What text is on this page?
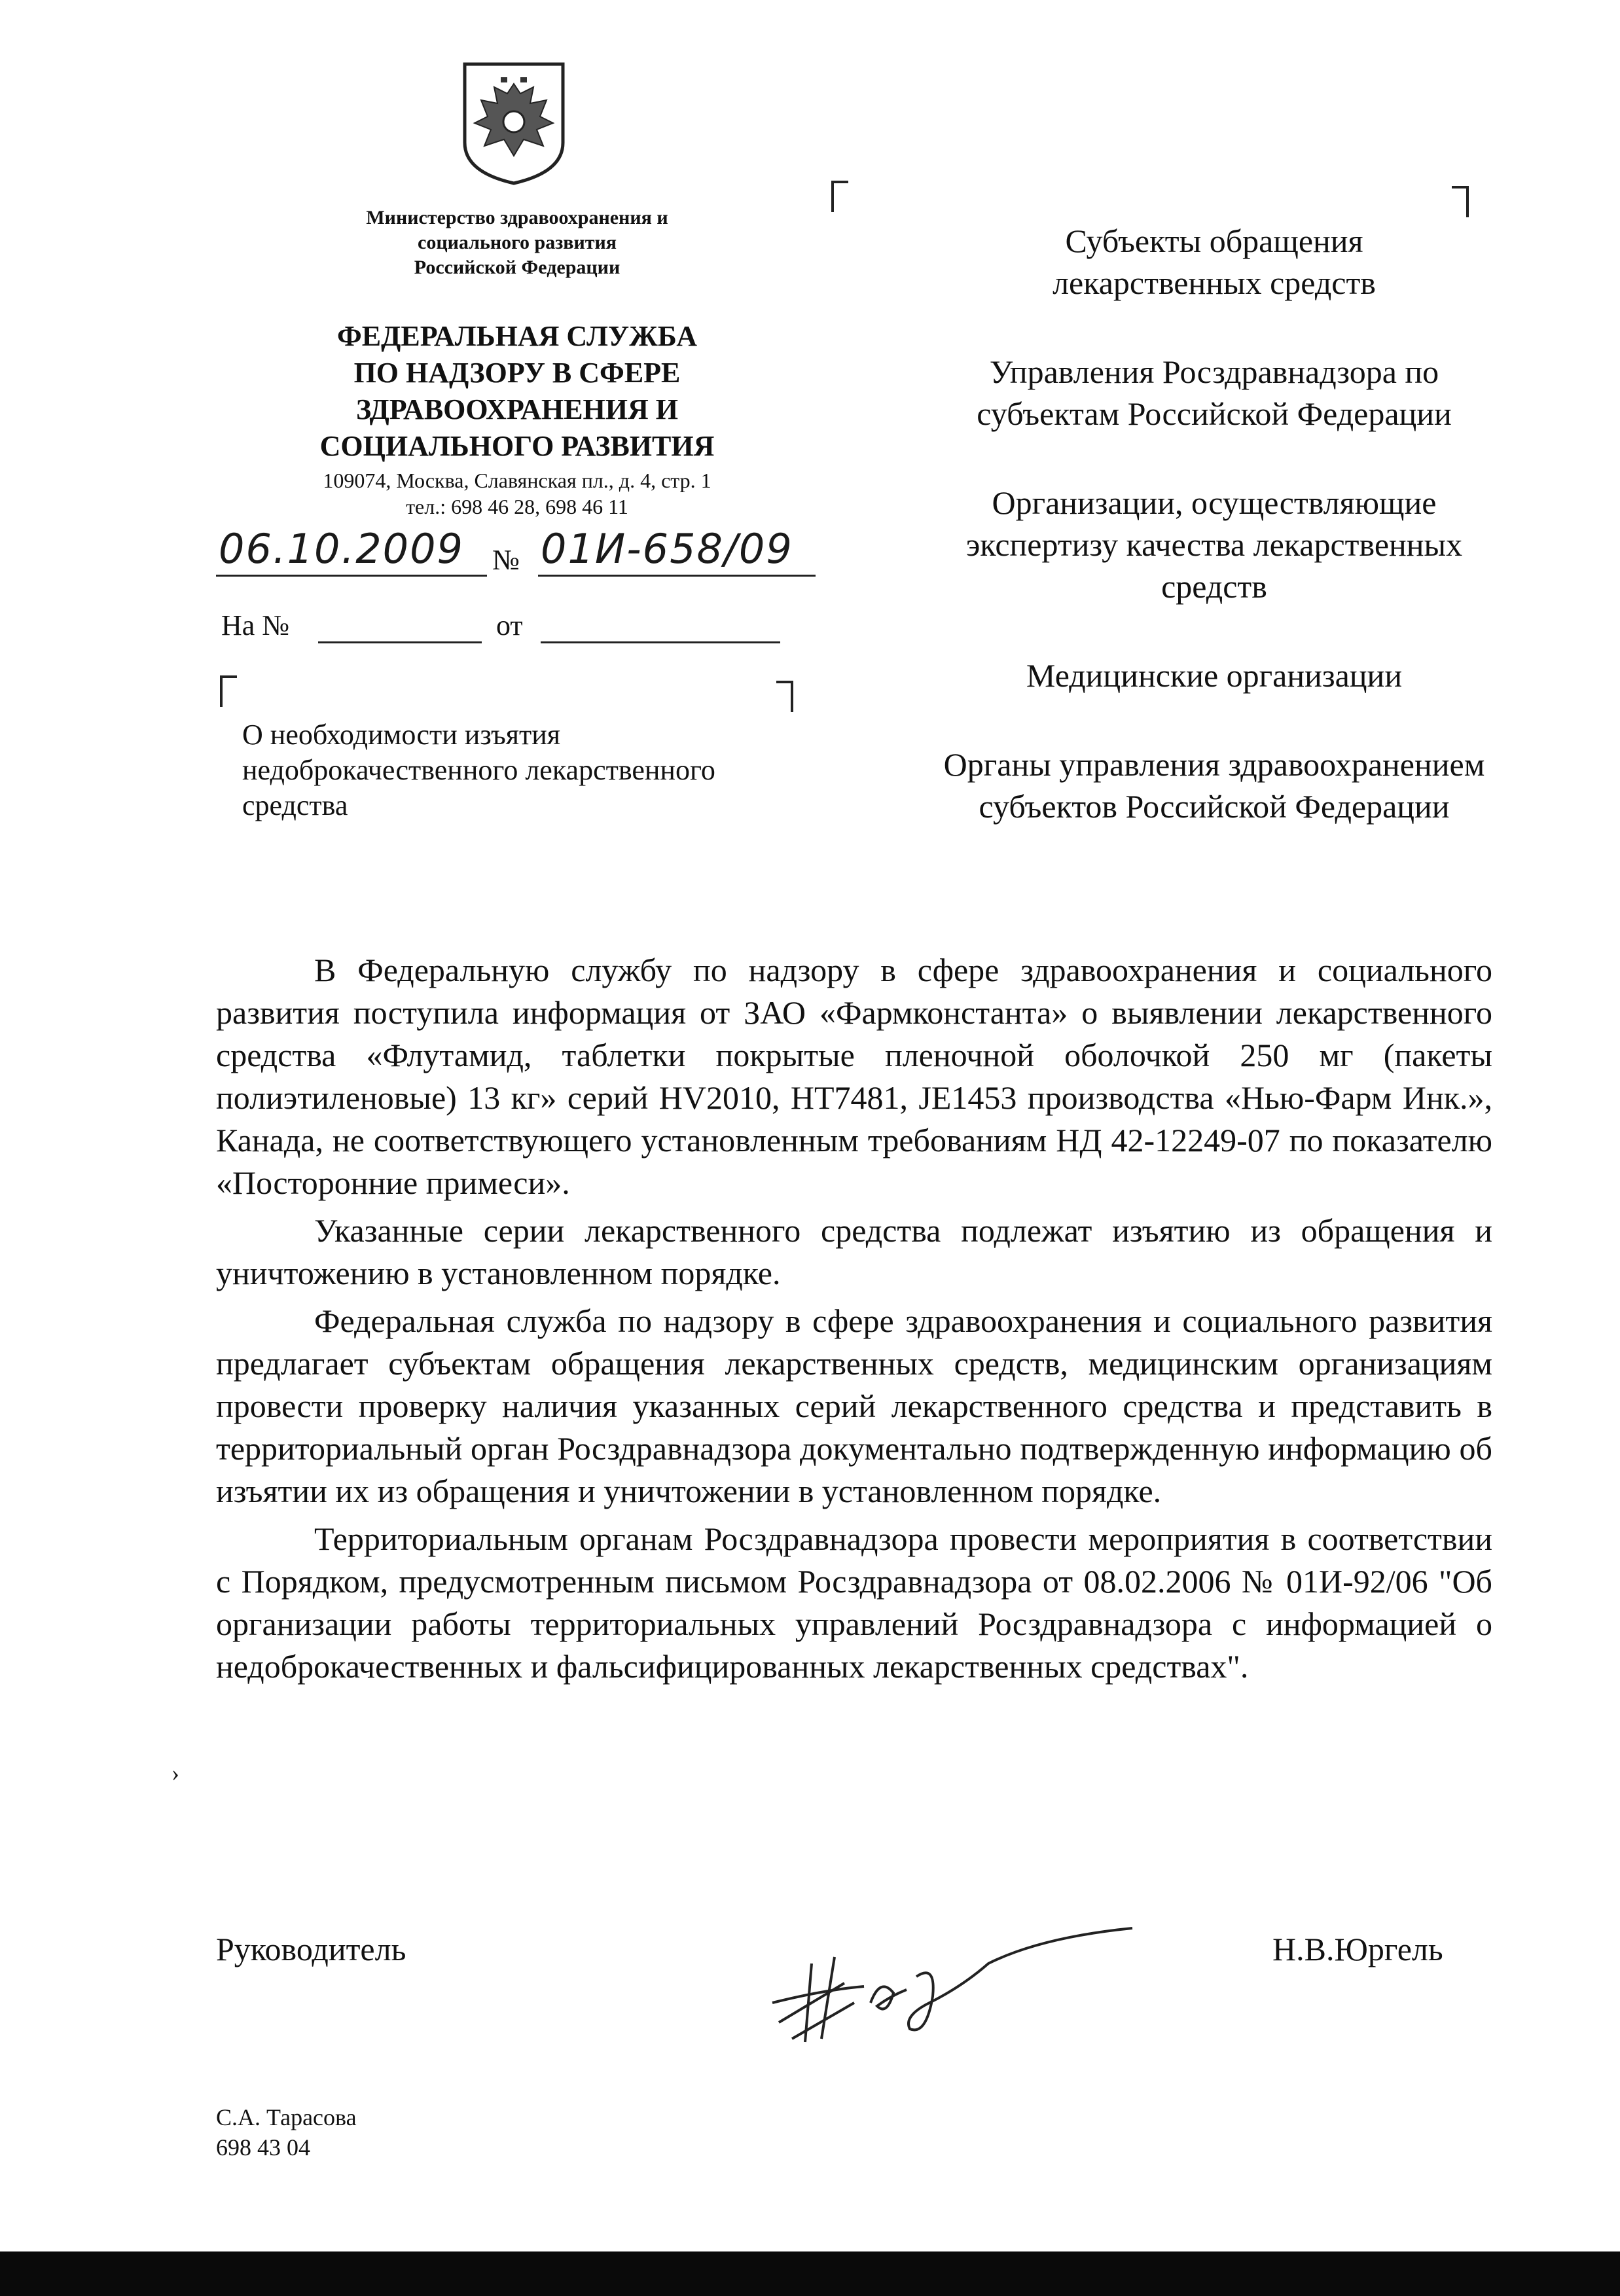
Министерство здравоохранения и
социального развития
Российской Федерации
ФЕДЕРАЛЬНАЯ СЛУЖБА
ПО НАДЗОРУ В СФЕРЕ
ЗДРАВООХРАНЕНИЯ И
СОЦИАЛЬНОГО РАЗВИТИЯ
109074, Москва, Славянская пл., д. 4, стр. 1
тел.: 698 46 28, 698 46 11
06.10.2009 № 01И-658/09
На №	от
О необходимости изъятия
недоброкачественного лекарственного
средства
Субъекты обращения
лекарственных средств
Управления Росздравнадзора по
субъектам Российской Федерации
Организации, осуществляющие
экспертизу качества лекарственных
средств
Медицинские организации
Органы управления здравоохранением
субъектов Российской Федерации

В Федеральную службу по надзору в сфере здравоохранения и социального развития поступила информация от ЗАО «Фармконстанта» о выявлении лекарственного средства «Флутамид, таблетки покрытые пленочной оболочкой 250 мг (пакеты полиэтиленовые) 13 кг» серий HV2010, HT7481, JE1453 производства «Нью-Фарм Инк.», Канада, не соответствующего установленным требованиям НД 42-12249-07 по показателю «Посторонние примеси».

Указанные серии лекарственного средства подлежат изъятию из обращения и уничтожению в установленном порядке.

Федеральная служба по надзору в сфере здравоохранения и социального развития предлагает субъектам обращения лекарственных средств, медицинским организациям провести проверку наличия указанных серий лекарственного средства и представить в территориальный орган Росздравнадзора документально подтвержденную информацию об изъятии их из обращения и уничтожении в установленном порядке.

Территориальным органам Росздравнадзора провести мероприятия в соответствии с Порядком, предусмотренным письмом Росздравнадзора от 08.02.2006 № 01И-92/06 "Об организации работы территориальных управлений Росздравнадзора с информацией о недоброкачественных и фальсифицированных лекарственных средствах".

›
Руководитель	Н.В.Юргель
С.А. Тарасова
698 43 04
